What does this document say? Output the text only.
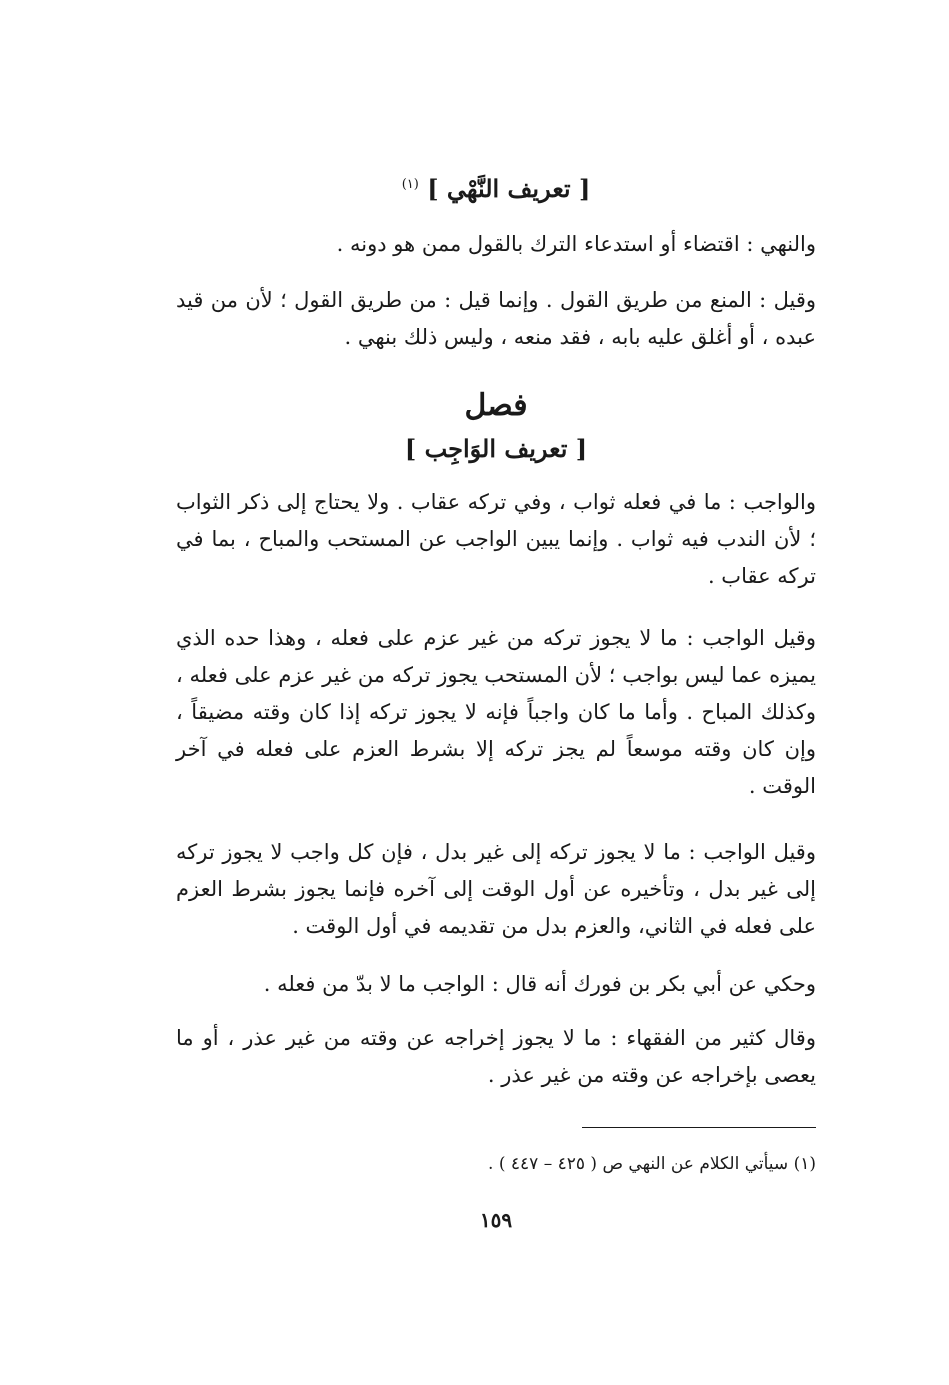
[ تعريف النَّهْي ] $^{(١)}$

والنهي : اقتضاء أو استدعاء الترك بالقول ممن هو دونه .

وقيل : المنع من طريق القول . وإنما قيل : من طريق القول ؛ لأن من قيد عبده ، أو أغلق عليه بابه ، فقد منعه ، وليس ذلك بنهي .

فصل
[ تعريف الوَاجِب ]

والواجب : ما في فعله ثواب ، وفي تركه عقاب . ولا يحتاج إلى ذكر الثواب ؛ لأن الندب فيه ثواب . وإنما يبين الواجب عن المستحب والمباح ، بما في تركه عقاب .

وقيل الواجب : ما لا يجوز تركه من غير عزم على فعله ، وهذا حده الذي يميزه عما ليس بواجب ؛ لأن المستحب يجوز تركه من غير عزم على فعله ، وكذلك المباح . وأما ما كان واجباً فإنه لا يجوز تركه إذا كان وقته مضيقاً ، وإن كان وقته موسعاً لم يجز تركه إلا بشرط العزم على فعله في آخر الوقت .

وقيل الواجب : ما لا يجوز تركه إلى غير بدل ، فإن كل واجب لا يجوز تركه إلى غير بدل ، وتأخيره عن أول الوقت إلى آخره فإنما يجوز بشرط العزم على فعله في الثاني، والعزم بدل من تقديمه في أول الوقت .

وحكي عن أبي بكر بن فورك أنه قال : الواجب ما لا بدّ من فعله .

وقال كثير من الفقهاء : ما لا يجوز إخراجه عن وقته من غير عذر ، أو ما يعصى بإخراجه عن وقته من غير عذر .

(١) سيأتي الكلام عن النهي ص ( ٤٢٥ – ٤٤٧ ) .

١٥٩
